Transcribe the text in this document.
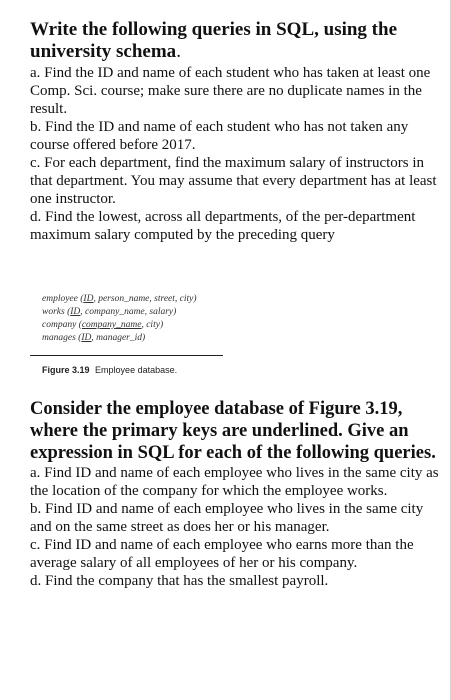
Write the following queries in SQL, using the university schema.

a. Find the ID and name of each student who has taken at least one Comp. Sci. course; make sure there are no duplicate names in the result.

b. Find the ID and name of each student who has not taken any course offered before 2017.

c. For each department, find the maximum salary of instructors in that department. You may assume that every department has at least one instructor.

d. Find the lowest, across all departments, of the per-department maximum salary computed by the preceding query

employee (ID, person_name, street, city)
works (ID, company_name, salary)
company (company_name, city)
manages (ID, manager_id)
Figure 3.19 Employee database.
Consider the employee database of Figure 3.19, where the primary keys are underlined. Give an expression in SQL for each of the following queries.

a. Find ID and name of each employee who lives in the same city as the location of the company for which the employee works.

b. Find ID and name of each employee who lives in the same city and on the same street as does her or his manager.

c. Find ID and name of each employee who earns more than the average salary of all employees of her or his company.

d. Find the company that has the smallest payroll.
